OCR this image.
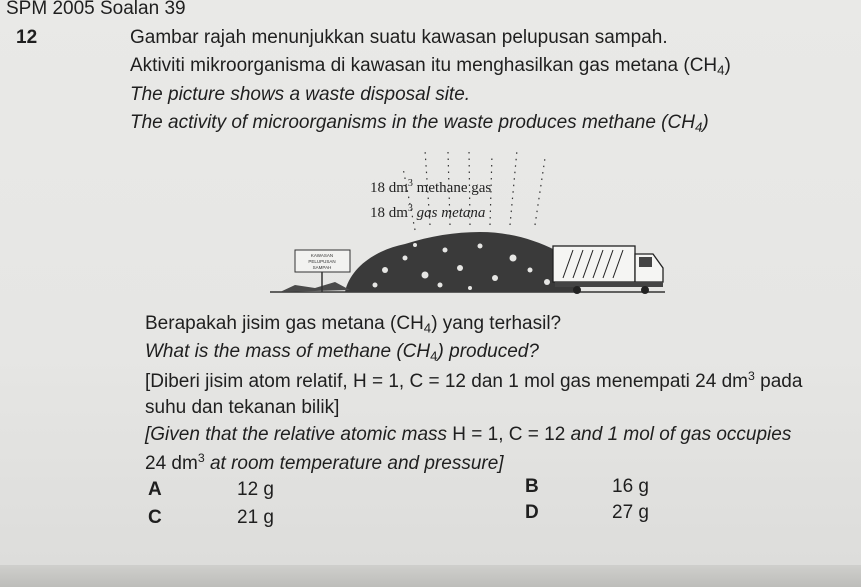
SPM 2005 Soalan 39
12	Gambar rajah menunjukkan suatu kawasan pelupusan sampah.
Aktiviti mikroorganisma di kawasan itu menghasilkan gas metana $(CH_4)$
The picture shows a waste disposal site.
The activity of microorganisms in the waste produces methane $(CH_4)$
18 $dm^3$ methane gas
18 $dm^3$ gas metana
KAWASAN
PELUPUSAN
SAMPAH
Berapakah jisim gas metana $(CH_4)$ yang terhasil?
What is the mass of methane $(CH_4)$ produced?
[Diberi jisim atom relatif, H = 1, C = 12 dan 1 mol gas menempati 24 $dm^3$ pada
suhu dan tekanan bilik]
[Given that the relative atomic mass H = 1, C = 12 and 1 mol of gas occupies
24 $dm^3$ at room temperature and pressure]
A	12 g	B	16 g
C	21 g	D	27 g
